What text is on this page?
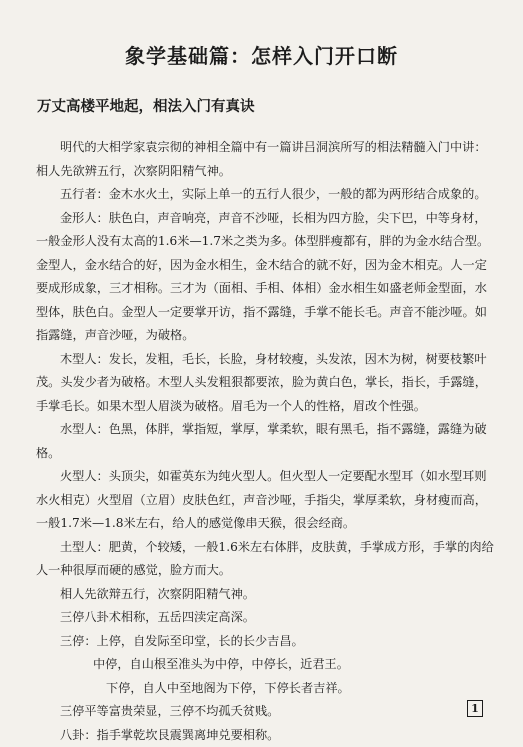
象学基础篇：怎样入门开口断
万丈高楼平地起，相法入门有真诀

明代的大相学家袁宗彻的神相全篇中有一篇讲吕洞滨所写的相法精髓入门中讲：相人先欲辨五行，次察阴阳精气神。

五行者：金木水火土，实际上单一的五行人很少，一般的都为两形结合成象的。

金形人：肤色白，声音响亮，声音不沙哑，长相为四方脸，尖下巴，中等身材，一般金形人没有太高的1.6米—1.7米之类为多。体型胖瘦都有，胖的为金水结合型。金型人，金水结合的好，因为金水相生，金木结合的就不好，因为金木相克。人一定要成形成象，三才相称。三才为（面相、手相、体相）金水相生如盛老师金型面，水型体，肤色白。金型人一定要掌开访，指不露缝，手掌不能长毛。声音不能沙哑。如指露缝，声音沙哑，为破格。

木型人：发长，发粗，毛长，长脸，身材较瘦，头发浓，因木为树，树要枝繁叶茂。头发少者为破格。木型人头发粗狠都要浓，脸为黄白色，掌长，指长，手露缝，手掌毛长。如果木型人眉淡为破格。眉毛为一个人的性格，眉改个性强。

水型人：色黑，体胖，掌指短，掌厚，掌柔软，眼有黑毛，指不露缝，露缝为破格。

火型人：头顶尖，如霍英东为纯火型人。但火型人一定要配水型耳（如水型耳则水火相克）火型眉（立眉）皮肤色红，声音沙哑，手指尖，掌厚柔软，身材瘦而高，一般1.7米—1.8米左右，给人的感觉像串天猴，很会经商。

土型人：肥黄，个较矮，一般1.6米左右体胖，皮肤黄，手掌成方形，手掌的肉给人一种很厚而硬的感觉，脸方而大。

相人先欲辩五行，次察阴阳精气神。

三停八卦术相称，五岳四渎定高深。

三停：上停，自发际至印堂，长的长少吉昌。

中停，自山根至准头为中停，中停长，近君王。

下停，自人中至地阁为下停，下停长者吉祥。

三停平等富贵荣显，三停不均孤夭贫贱。

八卦：指手掌乾坎艮震巽离坤兑要相称。

1
